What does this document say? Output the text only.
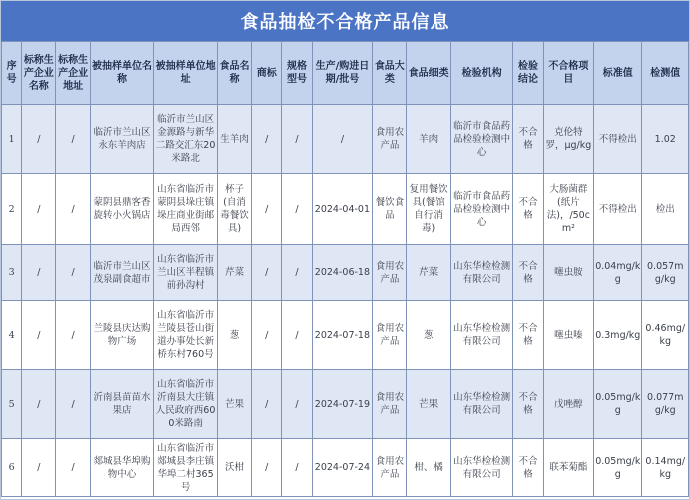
食品抽检不合格产品信息
序号	标称生产企业名称	标称生产企业地址	被抽样单位名称	被抽样单位地址	食品名称	商标	规格型号	生产/购进日期/批号	食品大类	食品细类	检验机构	检验结论	不合格项目	标准值	检测值
1	/	/	临沂市兰山区永东羊肉店	临沂市兰山区金源路与新华二路交汇东20米路北	生羊肉	/	/	/	食用农产品	羊肉	临沂市食品药品检验检测中心	不合格	克伦特罗，μg/kg	不得检出	1.02
2	/	/	蒙阴县鼎客香旋转小火锅店	山东省临沂市蒙阴县垛庄镇垛庄商业街邮局西邻	杯子(自消毒餐饮具)	/	/	2024-04-01	餐饮食品	复用餐饮具(餐馆自行消毒)	临沂市食品药品检验检测中心	不合格	大肠菌群(纸片法)，/50cm²	不得检出	检出
3	/	/	临沂市兰山区茂泉副食超市	山东省临沂市兰山区半程镇前孙沟村	芹菜	/	/	2024-06-18	食用农产品	芹菜	山东华检检测有限公司	不合格	噻虫胺	0.04mg/kg	0.057mg/kg
4	/	/	兰陵县庆达购物广场	山东省临沂市兰陵县苍山街道办事处长新桥东村760号	葱	/	/	2024-07-18	食用农产品	葱	山东华检检测有限公司	不合格	噻虫嗪	0.3mg/kg	0.46mg/kg
5	/	/	沂南县苗苗水果店	山东省临沂市沂南县大庄镇人民政府西600米路南	芒果	/	/	2024-07-19	食用农产品	芒果	山东华检检测有限公司	不合格	戊唑醇	0.05mg/kg	0.077mg/kg
6	/	/	郯城县华埠购物中心	山东省临沂市郯城县李庄镇华埠二村365号	沃柑	/	/	2024-07-24	食用农产品	柑、橘	山东华检检测有限公司	不合格	联苯菊酯	0.05mg/kg	0.14mg/kg
